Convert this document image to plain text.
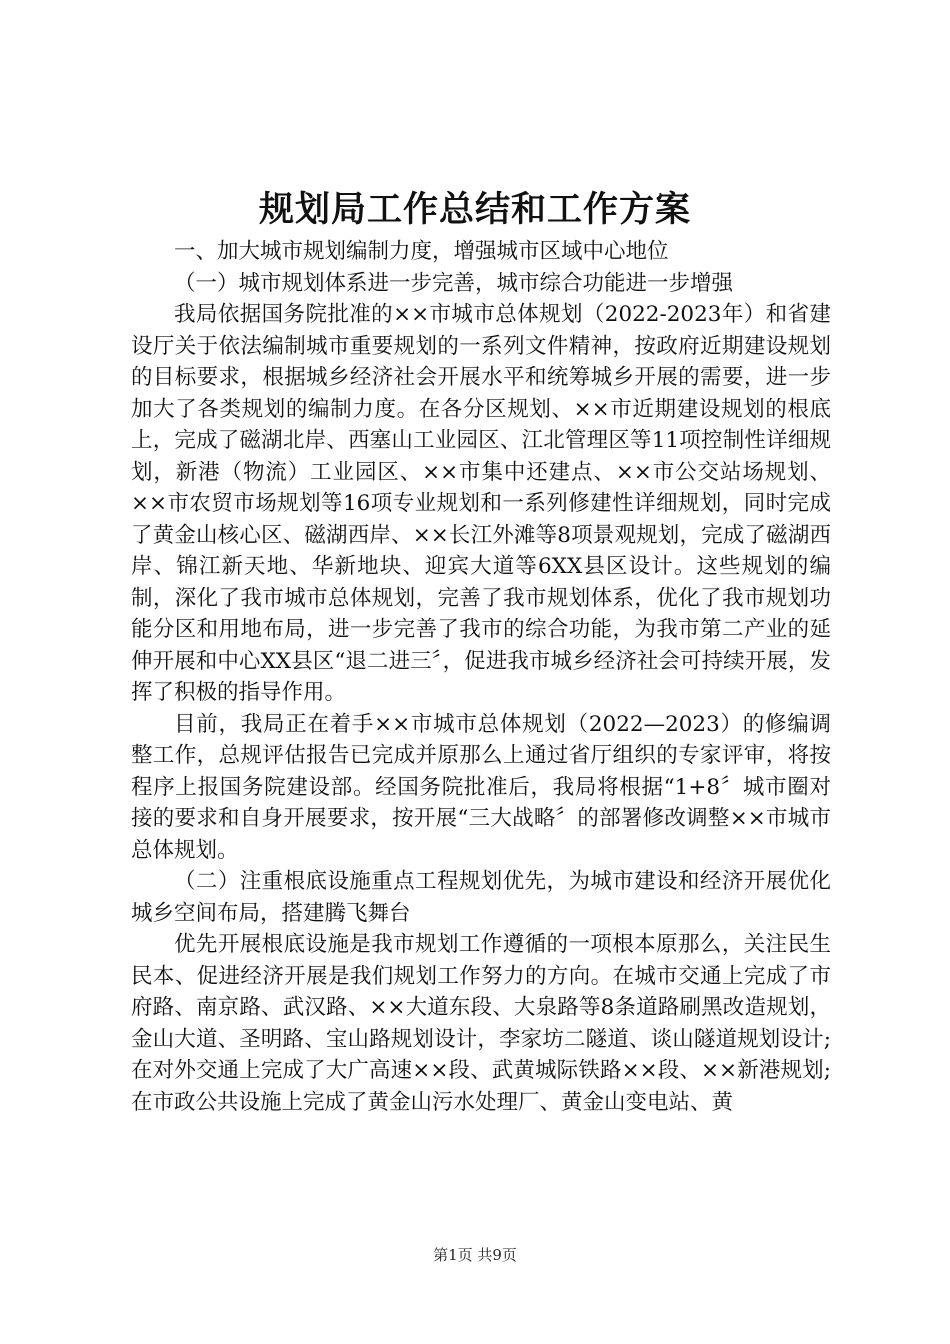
规划局工作总结和工作方案

一、加大城市规划编制力度，增强城市区域中心地位

（一）城市规划体系进一步完善，城市综合功能进一步增强

我局依据国务院批准的××市城市总体规划（2022-2023年）和省建设厅关于依法编制城市重要规划的一系列文件精神，按政府近期建设规划的目标要求，根据城乡经济社会开展水平和统筹城乡开展的需要，进一步加大了各类规划的编制力度。在各分区规划、××市近期建设规划的根底上，完成了磁湖北岸、西塞山工业园区、江北管理区等11项控制性详细规划，新港（物流）工业园区、××市集中还建点、××市公交站场规划、××市农贸市场规划等16项专业规划和一系列修建性详细规划，同时完成了黄金山核心区、磁湖西岸、××长江外滩等8项景观规划，完成了磁湖西岸、锦江新天地、华新地块、迎宾大道等6XX县区设计。这些规划的编制，深化了我市城市总体规划，完善了我市规划体系，优化了我市规划功能分区和用地布局，进一步完善了我市的综合功能，为我市第二产业的延伸开展和中心XX县区“退二进三〞，促进我市城乡经济社会可持续开展，发挥了积极的指导作用。

目前，我局正在着手××市城市总体规划（2022—2023）的修编调整工作，总规评估报告已完成并原那么上通过省厅组织的专家评审，将按程序上报国务院建设部。经国务院批准后，我局将根据“1+8〞城市圈对接的要求和自身开展要求，按开展“三大战略〞的部署修改调整××市城市总体规划。

（二）注重根底设施重点工程规划优先，为城市建设和经济开展优化城乡空间布局，搭建腾飞舞台

优先开展根底设施是我市规划工作遵循的一项根本原那么，关注民生民本、促进经济开展是我们规划工作努力的方向。在城市交通上完成了市府路、南京路、武汉路、××大道东段、大泉路等8条道路刷黑改造规划，金山大道、圣明路、宝山路规划设计，李家坊二隧道、谈山隧道规划设计;在对外交通上完成了大广高速××段、武黄城际铁路××段、××新港规划;在市政公共设施上完成了黄金山污水处理厂、黄金山变电站、黄

第1页 共9页
